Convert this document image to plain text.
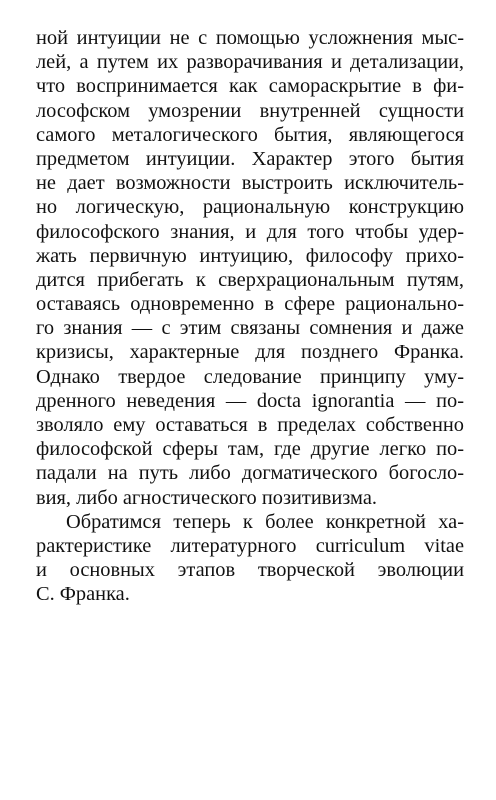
ной интуиции не с помощью усложнения мыс-
лей, а путем их разворачивания и детализации,
что воспринимается как самораскрытие в фи-
лософском умозрении внутренней сущности
самого металогического бытия, являющегося
предметом интуиции. Характер этого бытия
не дает возможности выстроить исключитель-
но логическую, рациональную конструкцию
философского знания, и для того чтобы удер-
жать первичную интуицию, философу прихо-
дится прибегать к сверхрациональным путям,
оставаясь одновременно в сфере рационально-
го знания — с этим связаны сомнения и даже
кризисы, характерные для позднего Франка.
Однако твердое следование принципу уму-
дренного неведения — docta ignorantia — по-
зволяло ему оставаться в пределах собственно
философской сферы там, где другие легко по-
падали на путь либо догматического богосло-
вия, либо агностического позитивизма.
Обратимся теперь к более конкретной ха-
рактеристике литературного curriculum vitae
и основных этапов творческой эволюции
С. Франка.
